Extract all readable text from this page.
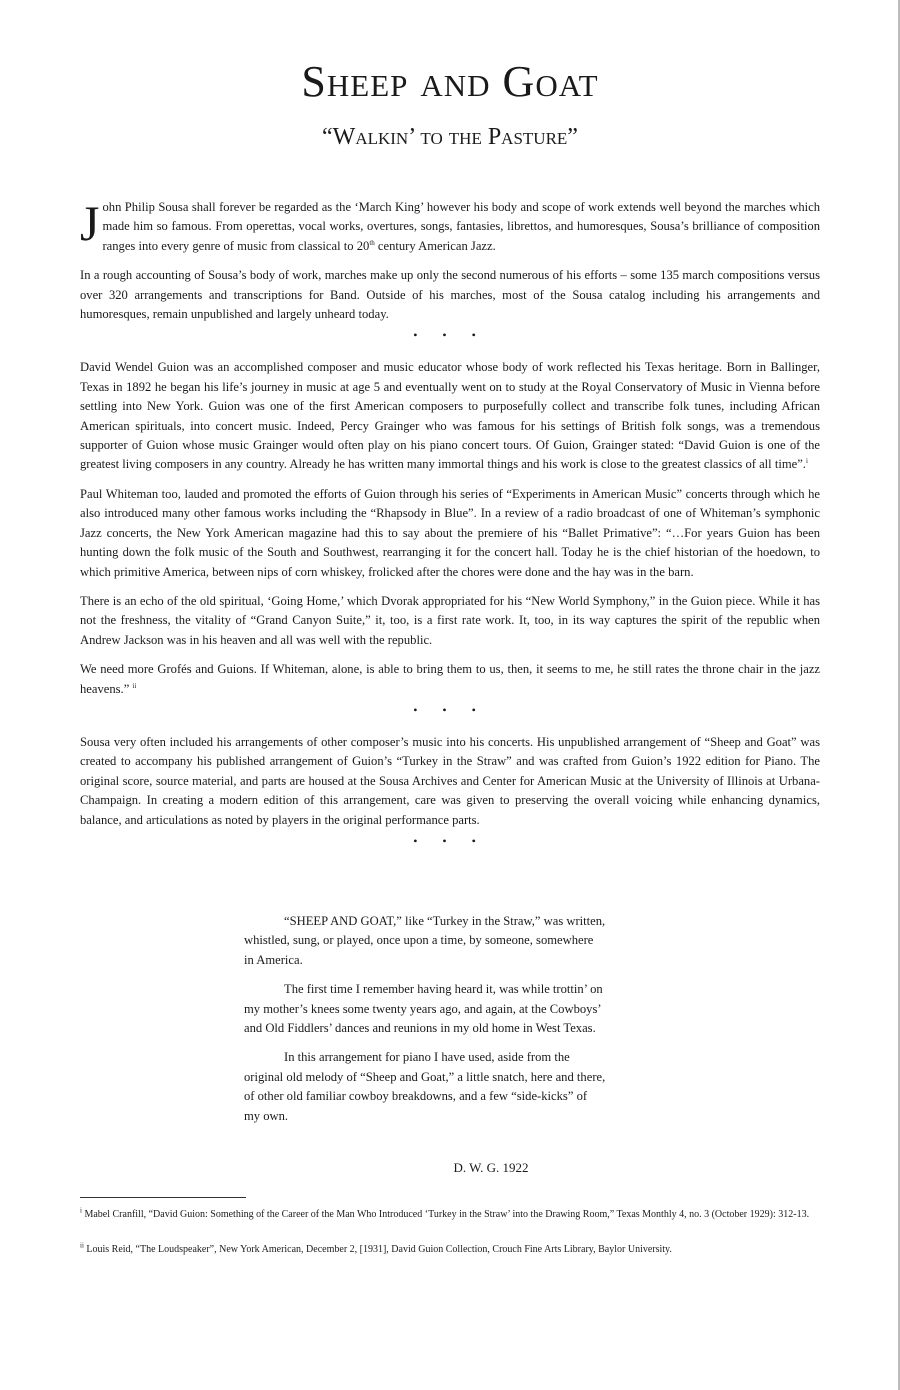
Sheep and Goat
“Walkin’ to the Pasture”

John Philip Sousa shall forever be regarded as the ‘March King’ however his body and scope of work extends well beyond the marches which made him so famous. From operettas, vocal works, overtures, songs, fantasies, librettos, and humoresques, Sousa’s brilliance of composition ranges into every genre of music from classical to 20th century American Jazz.

In a rough accounting of Sousa’s body of work, marches make up only the second numerous of his efforts – some 135 march compositions versus over 320 arrangements and transcriptions for Band. Outside of his marches, most of the Sousa catalog including his arrangements and humoresques, remain unpublished and largely unheard today.

• • •

David Wendel Guion was an accomplished composer and music educator whose body of work reflected his Texas heritage. Born in Ballinger, Texas in 1892 he began his life’s journey in music at age 5 and eventually went on to study at the Royal Conservatory of Music in Vienna before settling into New York. Guion was one of the first American composers to purposefully collect and transcribe folk tunes, including African American spirituals, into concert music. Indeed, Percy Grainger who was famous for his settings of British folk songs, was a tremendous supporter of Guion whose music Grainger would often play on his piano concert tours. Of Guion, Grainger stated: “David Guion is one of the greatest living composers in any country. Already he has written many immortal things and his work is close to the greatest classics of all time”.$^i$

Paul Whiteman too, lauded and promoted the efforts of Guion through his series of “Experiments in American Music” concerts through which he also introduced many other famous works including the “Rhapsody in Blue”. In a review of a radio broadcast of one of Whiteman’s symphonic Jazz concerts, the New York American magazine had this to say about the premiere of his “Ballet Primative”: “…For years Guion has been hunting down the folk music of the South and Southwest, rearranging it for the concert hall. Today he is the chief historian of the hoedown, to which primitive America, between nips of corn whiskey, frolicked after the chores were done and the hay was in the barn.

There is an echo of the old spiritual, ‘Going Home,’ which Dvorak appropriated for his “New World Symphony,” in the Guion piece. While it has not the freshness, the vitality of “Grand Canyon Suite,” it, too, is a first rate work. It, too, in its way captures the spirit of the republic when Andrew Jackson was in his heaven and all was well with the republic.

We need more Grofés and Guions. If Whiteman, alone, is able to bring them to us, then, it seems to me, he still rates the throne chair in the jazz heavens.” $^{ii}$

• • •

Sousa very often included his arrangements of other composer’s music into his concerts. His unpublished arrangement of “Sheep and Goat” was created to accompany his published arrangement of Guion’s “Turkey in the Straw” and was crafted from Guion’s 1922 edition for Piano. The original score, source material, and parts are housed at the Sousa Archives and Center for American Music at the University of Illinois at Urbana-Champaign. In creating a modern edition of this arrangement, care was given to preserving the overall voicing while enhancing dynamics, balance, and articulations as noted by players in the original performance parts.

• • •

“SHEEP AND GOAT,” like “Turkey in the Straw,” was written, whistled, sung, or played, once upon a time, by someone, somewhere in America.

The first time I remember having heard it, was while trottin’ on my mother’s knees some twenty years ago, and again, at the Cowboys’ and Old Fiddlers’ dances and reunions in my old home in West Texas.

In this arrangement for piano I have used, aside from the original old melody of “Sheep and Goat,” a little snatch, here and there, of other old familiar cowboy breakdowns, and a few “side-kicks” of my own.

D. W. G. 1922

$^i$ Mabel Cranfill, “David Guion: Something of the Career of the Man Who Introduced ‘Turkey in the Straw’ into the Drawing Room,” Texas Monthly 4, no. 3 (October 1929): 312-13.

$^{ii}$ Louis Reid, “The Loudspeaker”, New York American, December 2, [1931], David Guion Collection, Crouch Fine Arts Library, Baylor University.
